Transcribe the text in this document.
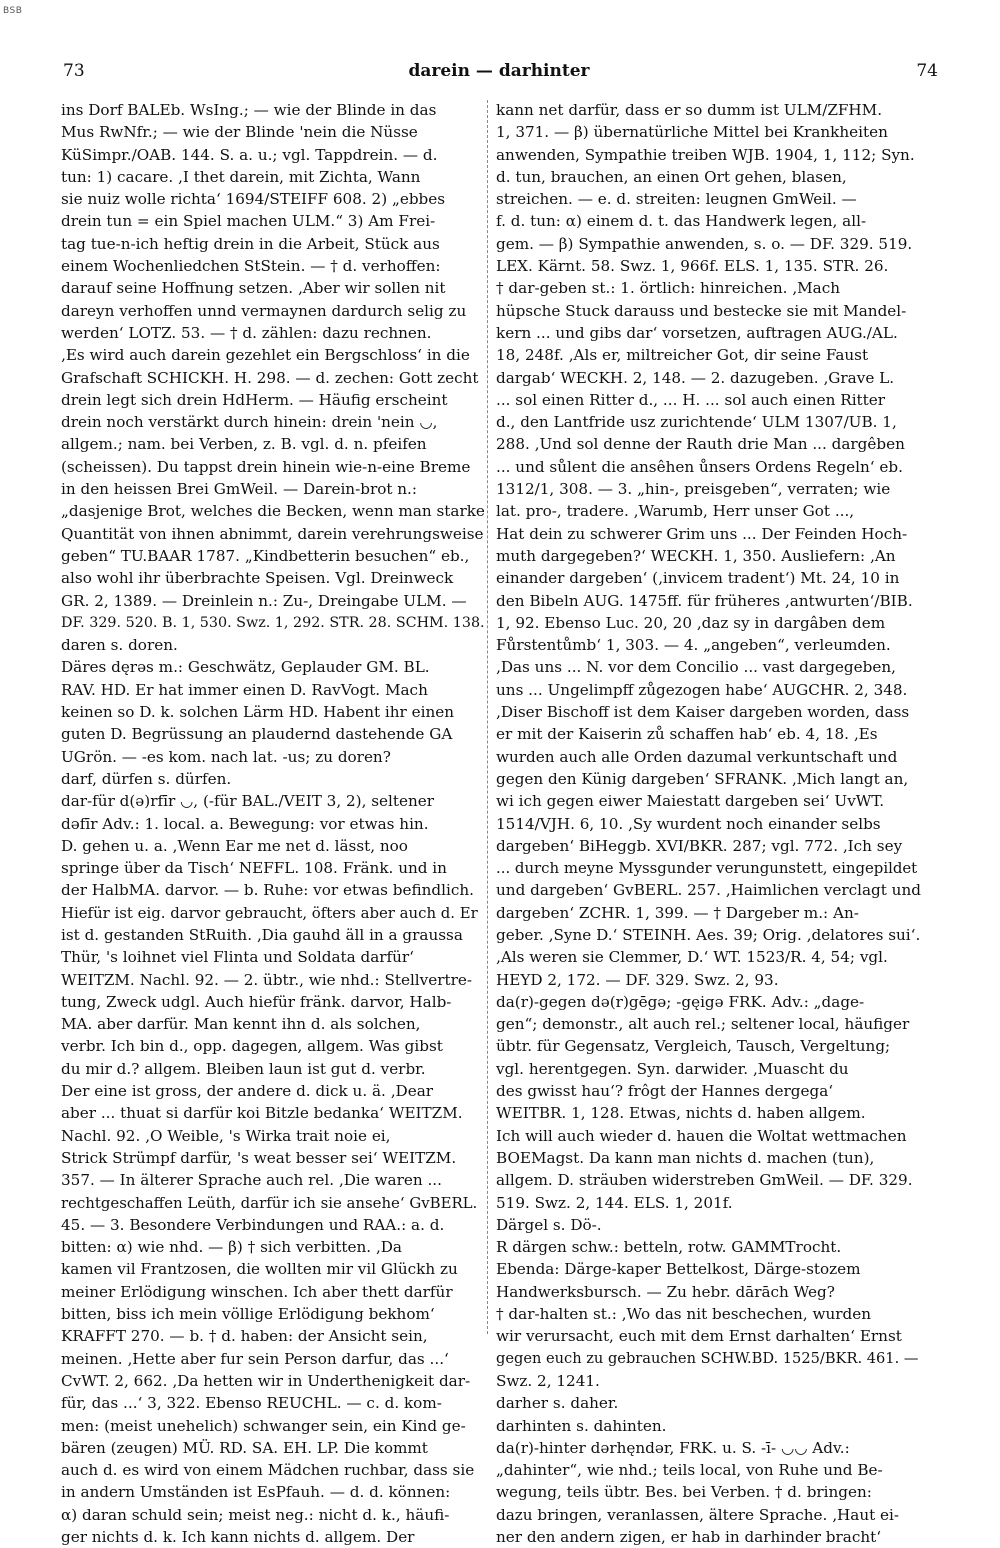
BSB
73	darein — darhinter	74
ins Dorf BALEb. WsIng.; — wie der Blinde in das
Mus RwNfr.; — wie der Blinde 'nein die Nüsse
KüSimpr./OAB. 144. S. a. u.; vgl. Tappdrein. — d.
tun: 1) cacare. ‚I thet darein, mit Zichta, Wann
sie nuiz wolle richta‘ 1694/STEIFF 608. 2) „ebbes
drein tun = ein Spiel machen ULM.“ 3) Am Frei-
tag tue-n-ich heftig drein in die Arbeit, Stück aus
einem Wochenliedchen StStein. — † d. verhoffen:
darauf seine Hoffnung setzen. ‚Aber wir sollen nit
dareyn verhoffen unnd vermaynen dardurch selig zu
werden‘ LOTZ. 53. — † d. zählen: dazu rechnen.
‚Es wird auch darein gezehlet ein Bergschloss‘ in die
Grafschaft SCHICKH. H. 298. — d. zechen: Gott zecht
drein legt sich drein HdHerm. — Häufig erscheint
drein noch verstärkt durch hinein: drein 'nein ◡,
allgem.; nam. bei Verben, z. B. vgl. d. n. pfeifen
(scheissen). Du tappst drein hinein wie-n-eine Breme
in den heissen Brei GmWeil. — Darein-brot n.:
„dasjenige Brot, welches die Becken, wenn man starke
Quantität von ihnen abnimmt, darein verehrungsweise
geben“ TU.BAAR 1787. „Kindbetterin besuchen“ eb.,
also wohl ihr überbrachte Speisen. Vgl. Dreinweck
GR. 2, 1389. — Dreinlein n.: Zu-, Dreingabe ULM. —
DF. 329. 520. B. 1, 530. Swz. 1, 292. STR. 28. SCHM. 138.
daren s. doren.
Däres dęrəs m.: Geschwätz, Geplauder GM. BL.
RAV. HD. Er hat immer einen D. RavVogt. Mach
keinen so D. k. solchen Lärm HD. Habent ihr einen
guten D. Begrüssung an plaudernd dastehende GA
UGrön. — -es kom. nach lat. -us; zu doren?
darf, dürfen s. dürfen.
dar-für d(ə)rfīr ◡, (-für BAL./VEIT 3, 2), seltener
dəfīr Adv.: 1. local. a. Bewegung: vor etwas hin.
D. gehen u. a. ‚Wenn Ear me net d. lässt, noo
springe über da Tisch‘ NEFFL. 108. Fränk. und in
der HalbMA. darvor. — b. Ruhe: vor etwas befindlich.
Hiefür ist eig. darvor gebraucht, öfters aber auch d. Er
ist d. gestanden StRuith. ‚Dia gauhd äll in a graussa
Thür, 's loihnet viel Flinta und Soldata darfür‘
WEITZM. Nachl. 92. — 2. übtr., wie nhd.: Stellvertre-
tung, Zweck udgl. Auch hiefür fränk. darvor, Halb-
MA. aber darfür. Man kennt ihn d. als solchen,
verbr. Ich bin d., opp. dagegen, allgem. Was gibst
du mir d.? allgem. Bleiben laun ist gut d. verbr.
Der eine ist gross, der andere d. dick u. ä. ‚Dear
aber ... thuat si darfür koi Bitzle bedanka‘ WEITZM.
Nachl. 92. ‚O Weible, 's Wirka trait noie ei,
Strick Strümpf darfür, 's weat besser sei‘ WEITZM.
357. — In älterer Sprache auch rel. ‚Die waren ...
rechtgeschaffen Leüth, darfür ich sie ansehe‘ GvBERL.
45. — 3. Besondere Verbindungen und RAA.: a. d.
bitten: α) wie nhd. — β) † sich verbitten. ‚Da
kamen vil Frantzosen, die wollten mir vil Glückh zu
meiner Erlödigung winschen. Ich aber thett darfür
bitten, biss ich mein völlige Erlödigung bekhom‘
KRAFFT 270. — b. † d. haben: der Ansicht sein,
meinen. ‚Hette aber fur sein Person darfur, das ...‘
CvWT. 2, 662. ‚Da hetten wir in Underthenigkeit dar-
für, das ...‘ 3, 322. Ebenso REUCHL. — c. d. kom-
men: (meist unehelich) schwanger sein, ein Kind ge-
bären (zeugen) MÜ. RD. SA. EH. LP. Die kommt
auch d. es wird von einem Mädchen ruchbar, dass sie
in andern Umständen ist EsPfauh. — d. d. können:
α) daran schuld sein; meist neg.: nicht d. k., häufi-
ger nichts d. k. Ich kann nichts d. allgem. Der
kann net darfür, dass er so dumm ist ULM/ZFHM.
1, 371. — β) übernatürliche Mittel bei Krankheiten
anwenden, Sympathie treiben WJB. 1904, 1, 112; Syn.
d. tun, brauchen, an einen Ort gehen, blasen,
streichen. — e. d. streiten: leugnen GmWeil. —
f. d. tun: α) einem d. t. das Handwerk legen, all-
gem. — β) Sympathie anwenden, s. o. — DF. 329. 519.
LEX. Kärnt. 58. Swz. 1, 966f. ELS. 1, 135. STR. 26.
† dar-geben st.: 1. örtlich: hinreichen. ‚Mach
hüpsche Stuck darauss und bestecke sie mit Mandel-
kern ... und gibs dar‘ vorsetzen, auftragen AUG./AL.
18, 248f. ‚Als er, miltreicher Got, dir seine Faust
dargab‘ WECKH. 2, 148. — 2. dazugeben. ‚Grave L.
... sol einen Ritter d., ... H. ... sol auch einen Ritter
d., den Lantfride usz zurichtende‘ ULM 1307/UB. 1,
288. ‚Und sol denne der Rauth drie Man ... dargêben
... und sůlent die ansêhen ůnsers Ordens Regeln‘ eb.
1312/1, 308. — 3. „hin-, preisgeben“, verraten; wie
lat. pro-, tradere. ‚Warumb, Herr unser Got ...,
Hat dein zu schwerer Grim uns ... Der Feinden Hoch-
muth dargegeben?‘ WECKH. 1, 350. Ausliefern: ‚An
einander dargeben‘ (‚invicem tradent‘) Mt. 24, 10 in
den Bibeln AUG. 1475ff. für früheres ‚antwurten‘/BIB.
1, 92. Ebenso Luc. 20, 20 ‚daz sy in dargâben dem
Fůrstentůmb‘ 1, 303. — 4. „angeben“, verleumden.
‚Das uns ... N. vor dem Concilio ... vast dargegeben,
uns ... Ungelimpff zůgezogen habe‘ AUGCHR. 2, 348.
‚Diser Bischoff ist dem Kaiser dargeben worden, dass
er mit der Kaiserin zů schaffen hab‘ eb. 4, 18. ‚Es
wurden auch alle Orden dazumal verkuntschaft und
gegen den Künig dargeben‘ SFRANK. ‚Mich langt an,
wi ich gegen eiwer Maiestatt dargeben sei‘ UvWT.
1514/VJH. 6, 10. ‚Sy wurdent noch einander selbs
dargeben‘ BiHeggb. XVI/BKR. 287; vgl. 772. ‚Ich sey
... durch meyne Myssgunder verungunstett, eingepildet
und dargeben‘ GvBERL. 257. ‚Haimlichen verclagt und
dargeben‘ ZCHR. 1, 399. — † Dargeber m.: An-
geber. ‚Syne D.‘ STEINH. Aes. 39; Orig. ‚delatores sui‘.
‚Als weren sie Clemmer, D.‘ WT. 1523/R. 4, 54; vgl.
HEYD 2, 172. — DF. 329. Swz. 2, 93.
da(r)-gegen də(r)gēgə; -gęigə FRK. Adv.: „dage-
gen“; demonstr., alt auch rel.; seltener local, häufiger
übtr. für Gegensatz, Vergleich, Tausch, Vergeltung;
vgl. herentgegen. Syn. darwider. ‚Muascht du
des gwisst hau‘? frôgt der Hannes dergega‘
WEITBR. 1, 128. Etwas, nichts d. haben allgem.
Ich will auch wieder d. hauen die Woltat wettmachen
BOEMagst. Da kann man nichts d. machen (tun),
allgem. D. sträuben widerstreben GmWeil. — DF. 329.
519. Swz. 2, 144. ELS. 1, 201f.
Därgel s. Dö-.
R därgen schw.: betteln, rotw. GAMMTrocht.
Ebenda: Därge-kaper Bettelkost, Därge-stozem
Handwerksbursch. — Zu hebr. dārāch Weg?
† dar-halten st.: ‚Wo das nit beschechen, wurden
wir verursacht, euch mit dem Ernst darhalten‘ Ernst
gegen euch zu gebrauchen SCHW.BD. 1525/BKR. 461. —
Swz. 2, 1241.
darher s. daher.
darhinten s. dahinten.
da(r)-hinter dərhęndər, FRK. u. S. -ī- ◡◡ Adv.:
„dahinter“, wie nhd.; teils local, von Ruhe und Be-
wegung, teils übtr. Bes. bei Verben. † d. bringen:
dazu bringen, veranlassen, ältere Sprache. ‚Haut ei-
ner den andern zigen, er hab in darhinder bracht‘
